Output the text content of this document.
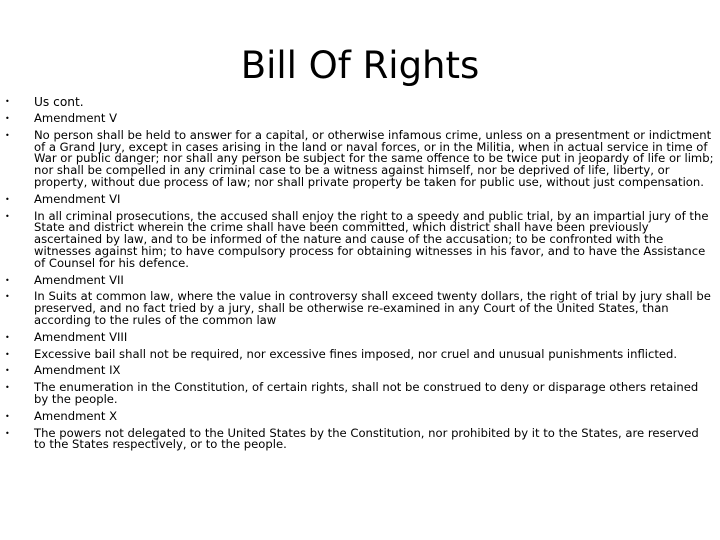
Bill Of Rights
• Us cont.
• Amendment V
• No person shall be held to answer for a capital, or otherwise infamous crime, unless on a presentment or indictment of a Grand Jury, except in cases arising in the land or naval forces, or in the Militia, when in actual service in time of War or public danger; nor shall any person be subject for the same offence to be twice put in jeopardy of life or limb; nor shall be compelled in any criminal case to be a witness against himself, nor be deprived of life, liberty, or property, without due process of law; nor shall private property be taken for public use, without just compensation.
• Amendment VI
• In all criminal prosecutions, the accused shall enjoy the right to a speedy and public trial, by an impartial jury of the State and district wherein the crime shall have been committed, which district shall have been previously ascertained by law, and to be informed of the nature and cause of the accusation; to be confronted with the witnesses against him; to have compulsory process for obtaining witnesses in his favor, and to have the Assistance of Counsel for his defence.
• Amendment VII
• In Suits at common law, where the value in controversy shall exceed twenty dollars, the right of trial by jury shall be preserved, and no fact tried by a jury, shall be otherwise re-examined in any Court of the United States, than according to the rules of the common law
• Amendment VIII
• Excessive bail shall not be required, nor excessive fines imposed, nor cruel and unusual punishments inflicted.
• Amendment IX
• The enumeration in the Constitution, of certain rights, shall not be construed to deny or disparage others retained by the people.
• Amendment X
• The powers not delegated to the United States by the Constitution, nor prohibited by it to the States, are reserved to the States respectively, or to the people.
